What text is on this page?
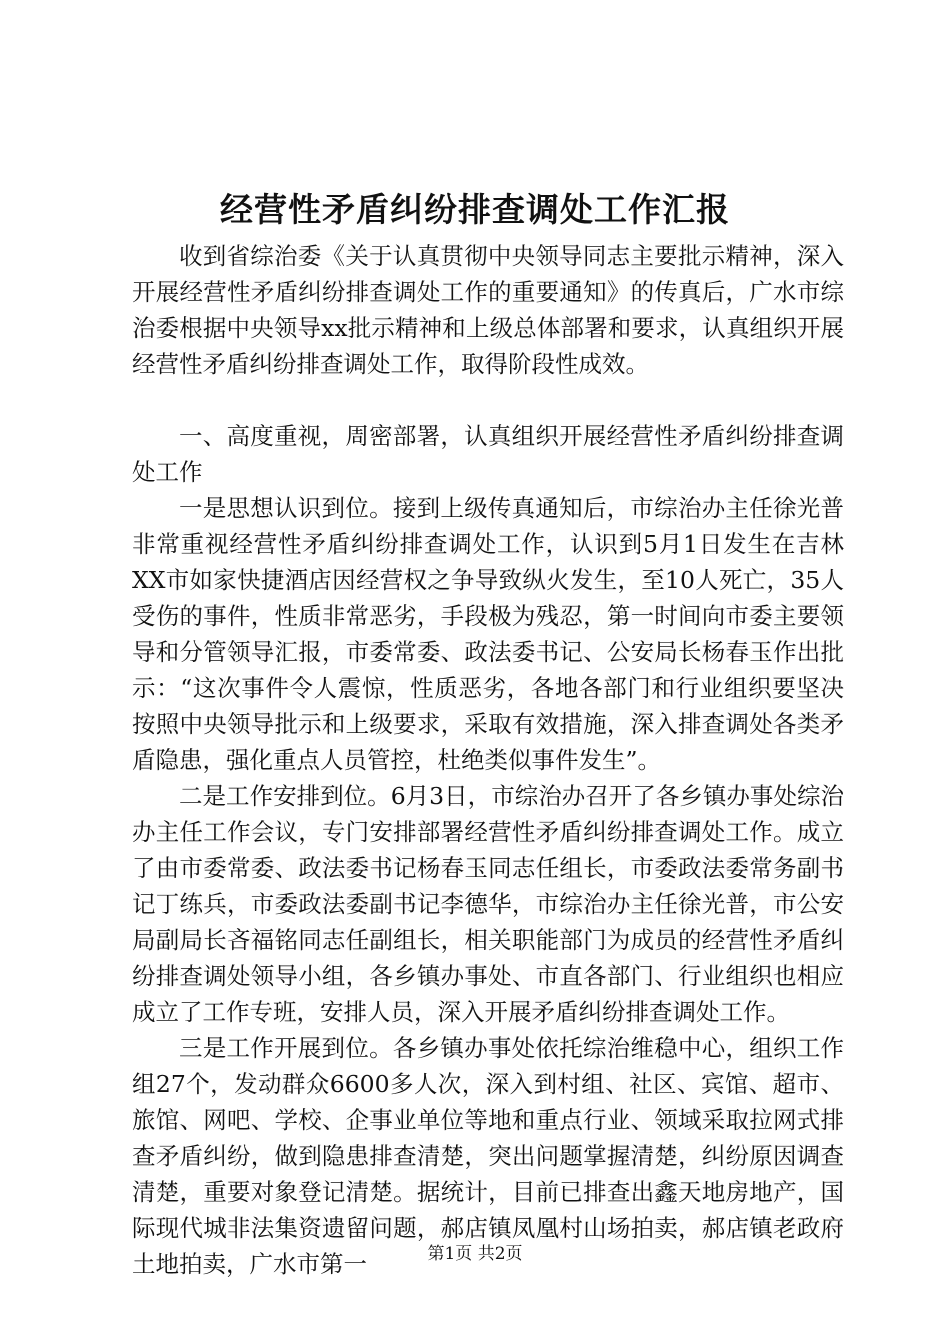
经营性矛盾纠纷排查调处工作汇报

收到省综治委《关于认真贯彻中央领导同志主要批示精神，深入开展经营性矛盾纠纷排查调处工作的重要通知》的传真后，广水市综治委根据中央领导xx批示精神和上级总体部署和要求，认真组织开展经营性矛盾纠纷排查调处工作，取得阶段性成效。

一、高度重视，周密部署，认真组织开展经营性矛盾纠纷排查调处工作

一是思想认识到位。接到上级传真通知后，市综治办主任徐光普非常重视经营性矛盾纠纷排查调处工作，认识到5月1日发生在吉林XX市如家快捷酒店因经营权之争导致纵火发生，至10人死亡，35人受伤的事件，性质非常恶劣，手段极为残忍，第一时间向市委主要领导和分管领导汇报，市委常委、政法委书记、公安局长杨春玉作出批示：“这次事件令人震惊，性质恶劣，各地各部门和行业组织要坚决按照中央领导批示和上级要求，采取有效措施，深入排查调处各类矛盾隐患，强化重点人员管控，杜绝类似事件发生”。

二是工作安排到位。6月3日，市综治办召开了各乡镇办事处综治办主任工作会议，专门安排部署经营性矛盾纠纷排查调处工作。成立了由市委常委、政法委书记杨春玉同志任组长，市委政法委常务副书记丁练兵，市委政法委副书记李德华，市综治办主任徐光普，市公安局副局长吝福铭同志任副组长，相关职能部门为成员的经营性矛盾纠纷排查调处领导小组，各乡镇办事处、市直各部门、行业组织也相应成立了工作专班，安排人员，深入开展矛盾纠纷排查调处工作。

三是工作开展到位。各乡镇办事处依托综治维稳中心，组织工作组27个，发动群众6600多人次，深入到村组、社区、宾馆、超市、旅馆、网吧、学校、企事业单位等地和重点行业、领域采取拉网式排查矛盾纠纷，做到隐患排查清楚，突出问题掌握清楚，纠纷原因调查清楚，重要对象登记清楚。据统计，目前已排查出鑫天地房地产，国际现代城非法集资遗留问题，郝店镇凤凰村山场拍卖，郝店镇老政府土地拍卖，广水市第一	第1页 共2页
